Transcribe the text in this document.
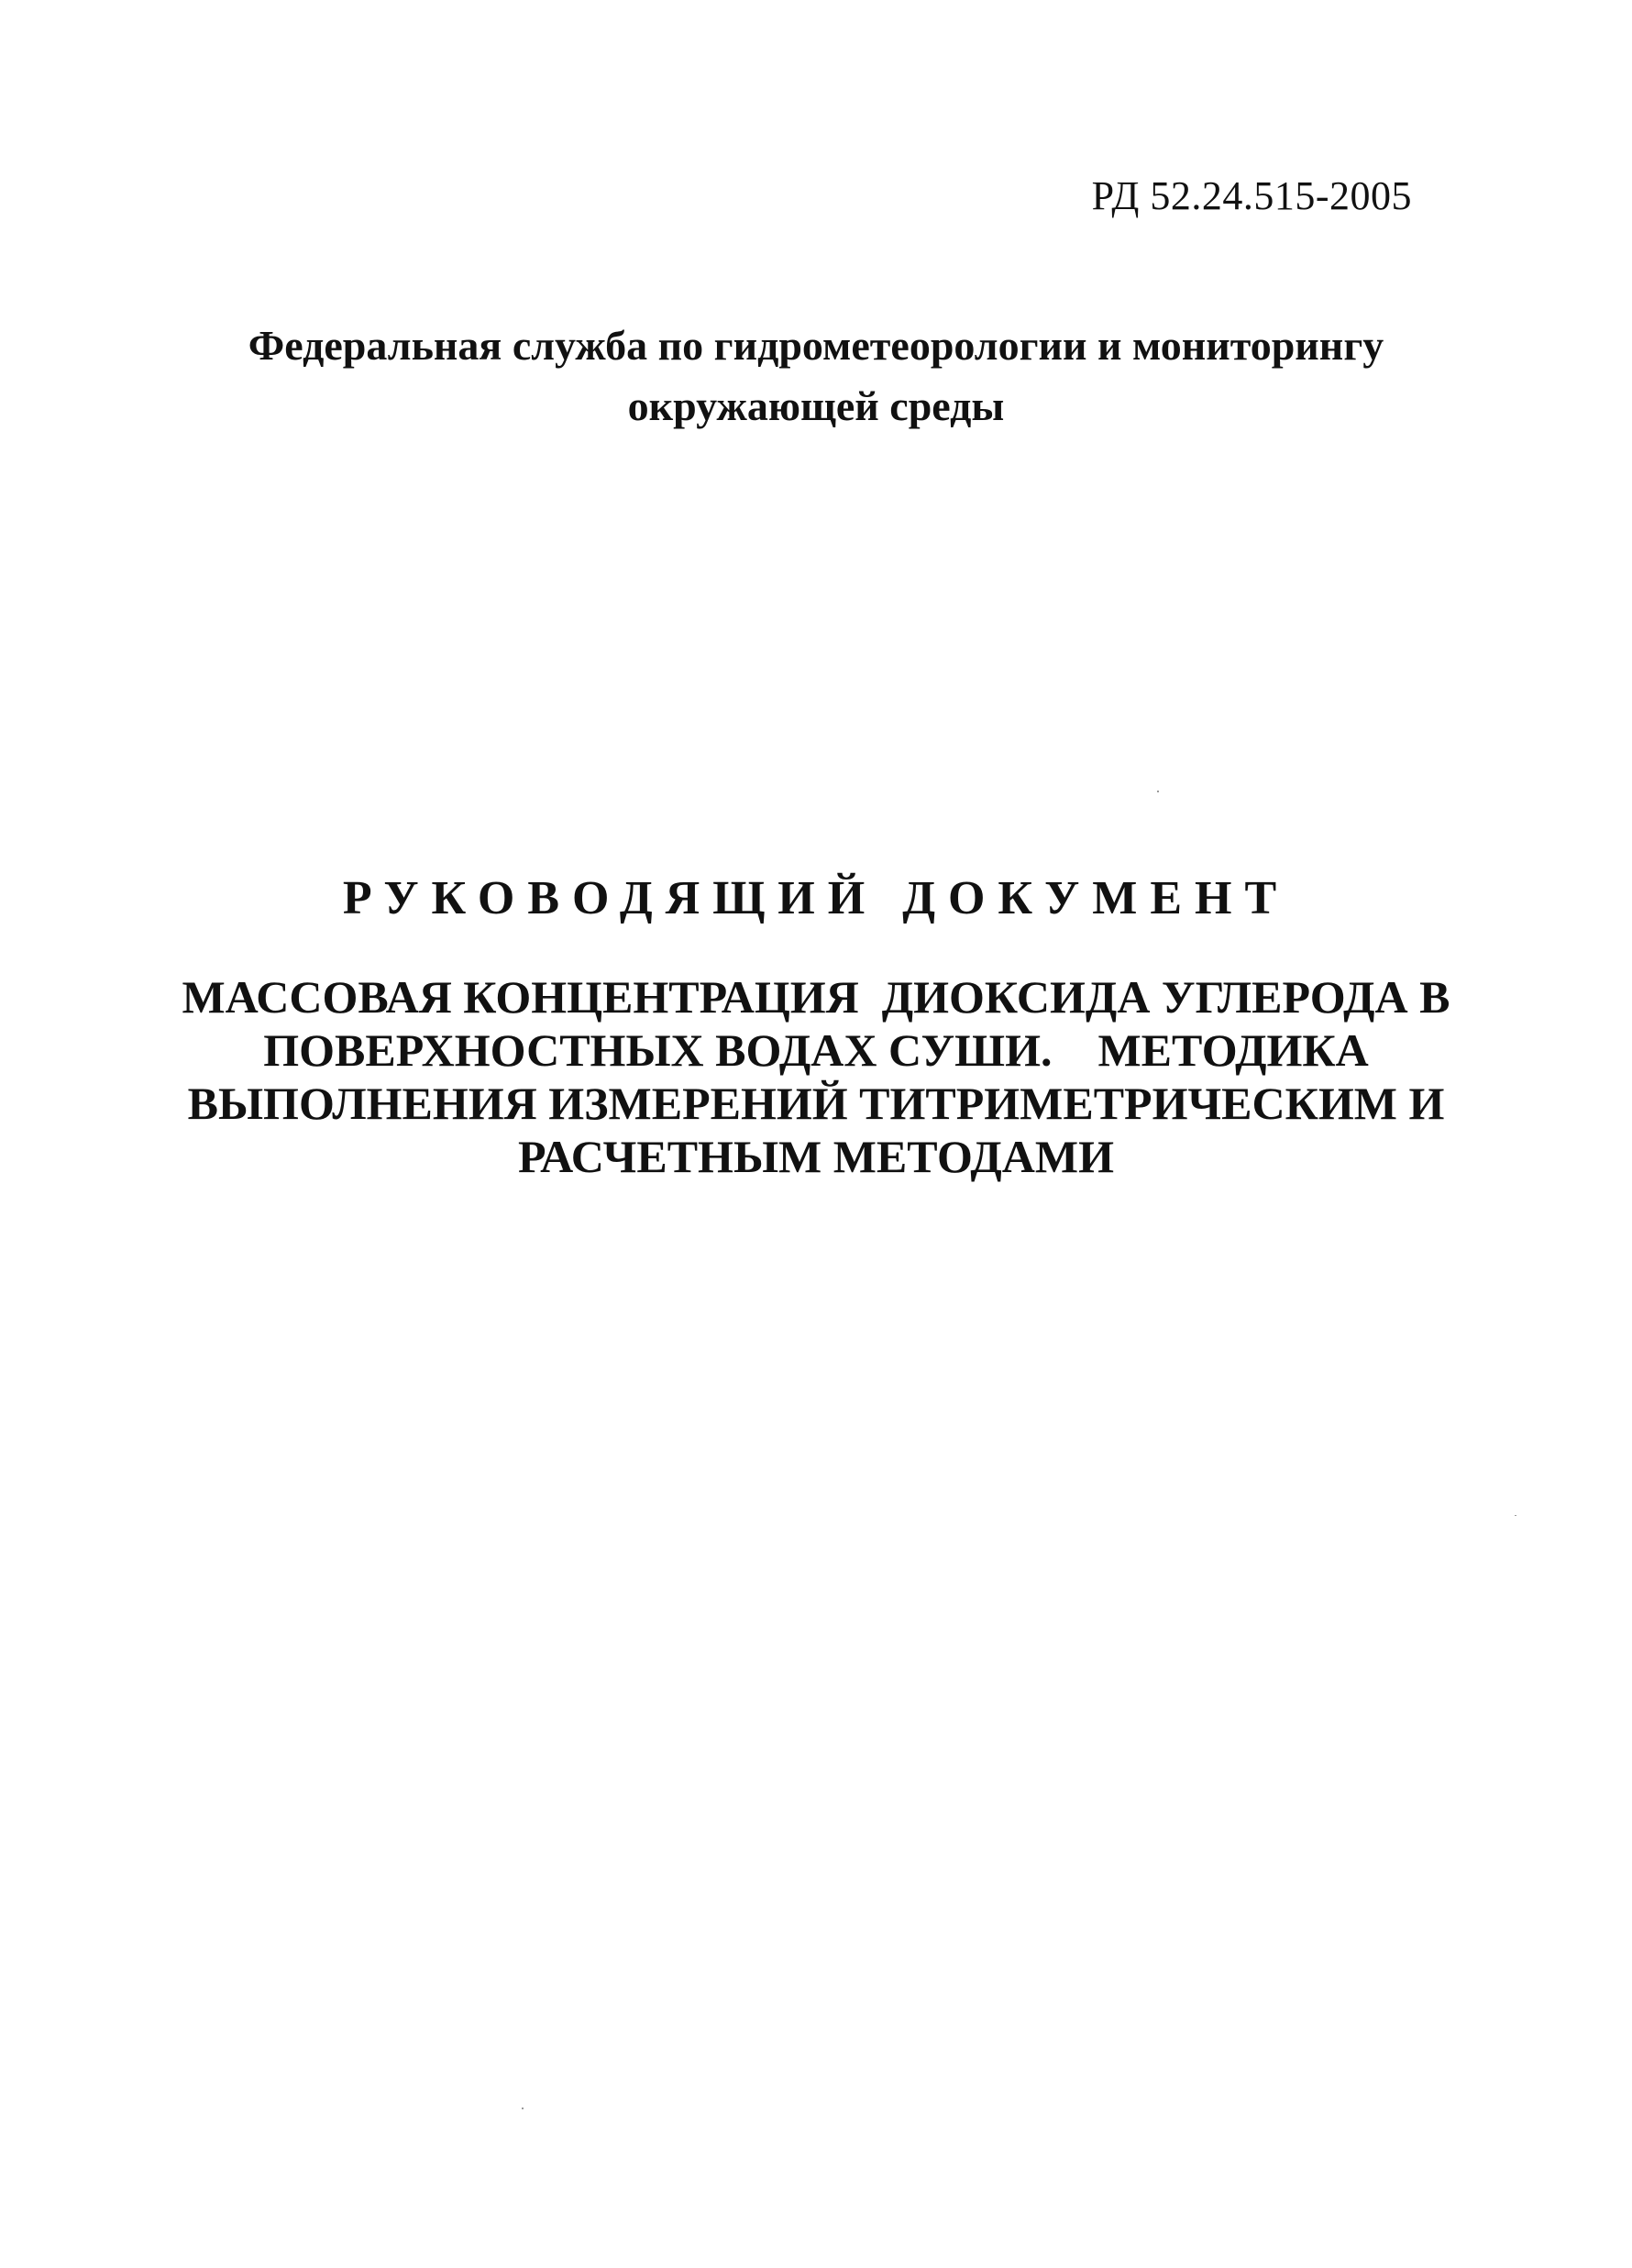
РД 52.24.515-2005
Федеральная служба по гидрометеорологии и мониторингу
окружающей среды
РУКОВОДЯЩИЙ ДОКУМЕНТ
МАССОВАЯ КОНЦЕНТРАЦИЯ  ДИОКСИДА УГЛЕРОДА В
ПОВЕРХНОСТНЫХ ВОДАХ СУШИ.    МЕТОДИКА
ВЫПОЛНЕНИЯ ИЗМЕРЕНИЙ ТИТРИМЕТРИЧЕСКИМ И
РАСЧЕТНЫМ МЕТОДАМИ
